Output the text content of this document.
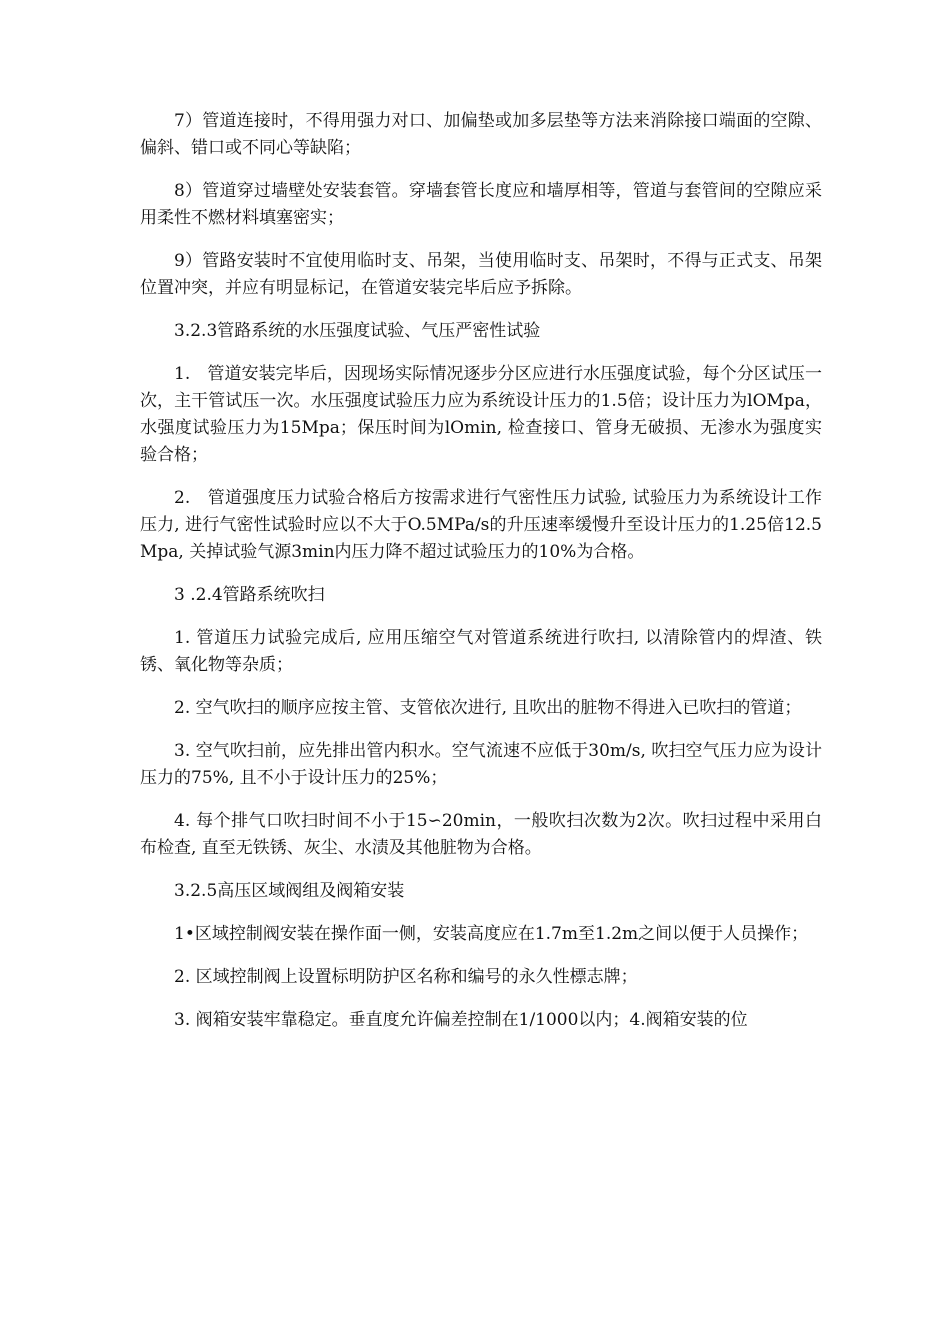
7）管道连接时，不得用强力对口、加偏垫或加多层垫等方法来消除接口端面的空隙、偏斜、错口或不同心等缺陷；

8）管道穿过墙壁处安装套管。穿墙套管长度应和墙厚相等，管道与套管间的空隙应采用柔性不燃材料填塞密实；

9）管路安装时不宜使用临时支、吊架，当使用临时支、吊架时，不得与正式支、吊架位置冲突，并应有明显标记，在管道安装完毕后应予拆除。

3.2.3管路系统的水压强度试验、气压严密性试验

1.　管道安装完毕后，因现场实际情况逐步分区应进行水压强度试验，每个分区试压一次，主干管试压一次。水压强度试验压力应为系统设计压力的1.5倍；设计压力为lOMpa，水强度试验压力为15Mpa；保压时间为lOmin, 检查接口、管身无破损、无渗水为强度实验合格；

2.　管道强度压力试验合格后方按需求进行气密性压力试验, 试验压力为系统设计工作压力, 进行气密性试验时应以不大于O.5MPa/s的升压速率缓慢升至设计压力的1.25倍12.5Mpa, 关掉试验气源3min内压力降不超过试验压力的10%为合格。

3 .2.4管路系统吹扫

1. 管道压力试验完成后, 应用压缩空气对管道系统进行吹扫, 以清除管内的焊渣、铁锈、氧化物等杂质；

2. 空气吹扫的顺序应按主管、支管依次进行, 且吹出的脏物不得进入已吹扫的管道；

3. 空气吹扫前，应先排出管内积水。空气流速不应低于30m/s, 吹扫空气压力应为设计压力的75%, 且不小于设计压力的25%；

4. 每个排气口吹扫时间不小于15∽20min，一般吹扫次数为2次。吹扫过程中采用白布检查, 直至无铁锈、灰尘、水渍及其他脏物为合格。

3.2.5高压区域阀组及阀箱安装

1•区域控制阀安装在操作面一侧，安装高度应在1.7m至1.2m之间以便于人员操作；

2. 区域控制阀上设置标明防护区名称和编号的永久性標志牌；

3. 阀箱安装牢靠稳定。垂直度允许偏差控制在1/1000以内；4.阀箱安装的位
